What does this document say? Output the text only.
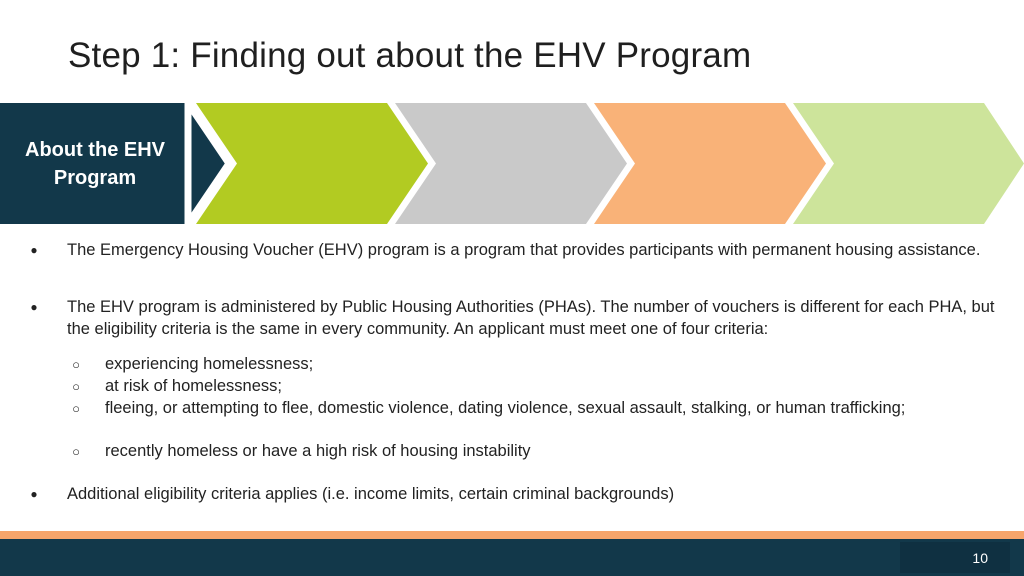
Step 1: Finding out about the EHV Program
About the EHV Program
● The Emergency Housing Voucher (EHV) program is a program that provides participants with permanent housing assistance.
● The EHV program is administered by Public Housing Authorities (PHAs). The number of vouchers is different for each PHA, but the eligibility criteria is the same in every community. An applicant must meet one of four criteria:
○ experiencing homelessness;
○ at risk of homelessness;
○ fleeing, or attempting to flee, domestic violence, dating violence, sexual assault, stalking, or human trafficking;
○ recently homeless or have a high risk of housing instability
● Additional eligibility criteria applies (i.e. income limits, certain criminal backgrounds)
10
